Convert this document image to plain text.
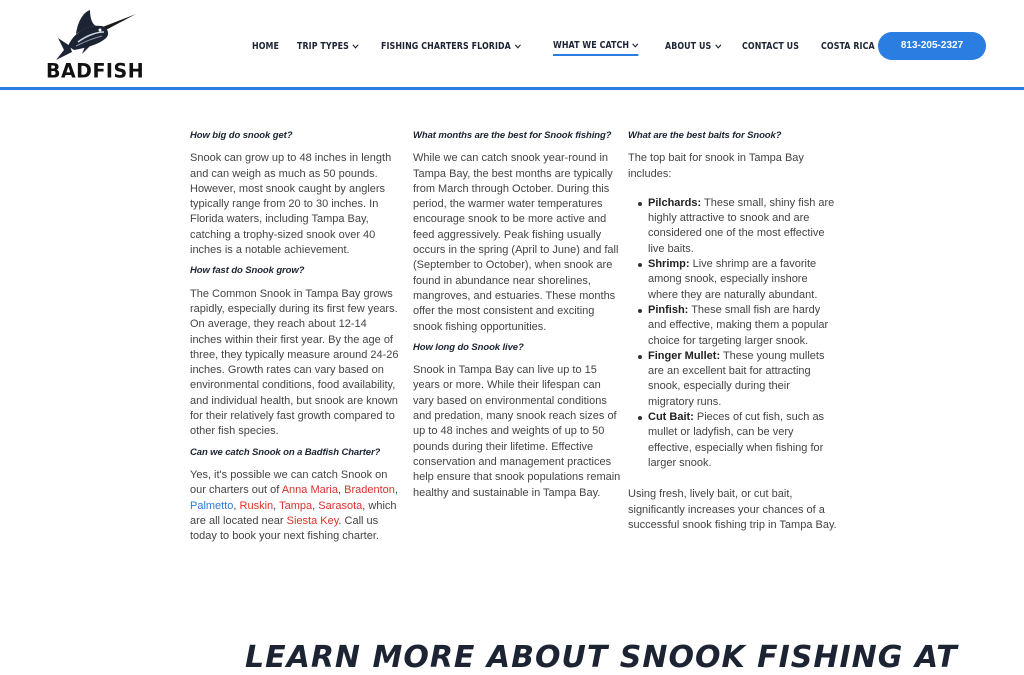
BADFISH
HOME TRIP TYPES	FISHING CHARTERS FLORIDA	WHAT WE CATCH	ABOUT US	CONTACT US COSTA RICA	813-205-2327
How big do snook get?
Snook can grow up to 48 inches in length and can weigh as much as 50 pounds. However, most snook caught by anglers typically range from 20 to 30 inches. In Florida waters, including Tampa Bay, catching a trophy-sized snook over 40 inches is a notable achievement.
How fast do Snook grow?
The Common Snook in Tampa Bay grows rapidly, especially during its first few years. On average, they reach about 12-14 inches within their first year. By the age of three, they typically measure around 24-26 inches. Growth rates can vary based on environmental conditions, food availability, and individual health, but snook are known for their relatively fast growth compared to other fish species.
Can we catch Snook on a Badfish Charter?
Yes, it's possible we can catch Snook on our charters out of Anna Maria, Bradenton, Palmetto, Ruskin, Tampa, Sarasota, which are all located near Siesta Key. Call us today to book your next fishing charter.
What months are the best for Snook fishing?
While we can catch snook year-round in Tampa Bay, the best months are typically from March through October. During this period, the warmer water temperatures encourage snook to be more active and feed aggressively. Peak fishing usually occurs in the spring (April to June) and fall (September to October), when snook are found in abundance near shorelines, mangroves, and estuaries. These months offer the most consistent and exciting snook fishing opportunities.
How long do Snook live?
Snook in Tampa Bay can live up to 15 years or more. While their lifespan can vary based on environmental conditions and predation, many snook reach sizes of up to 48 inches and weights of up to 50 pounds during their lifetime. Effective conservation and management practices help ensure that snook populations remain healthy and sustainable in Tampa Bay.
What are the best baits for Snook?
The top bait for snook in Tampa Bay includes:
Pilchards: These small, shiny fish are highly attractive to snook and are considered one of the most effective live baits.
Shrimp: Live shrimp are a favorite among snook, especially inshore where they are naturally abundant.
Pinfish: These small fish are hardy and effective, making them a popular choice for targeting larger snook.
Finger Mullet: These young mullets are an excellent bait for attracting snook, especially during their migratory runs.
Cut Bait: Pieces of cut fish, such as mullet or ladyfish, can be very effective, especially when fishing for larger snook.
Using fresh, lively bait, or cut bait, significantly increases your chances of a successful snook fishing trip in Tampa Bay.
LEARN MORE ABOUT SNOOK FISHING AT
